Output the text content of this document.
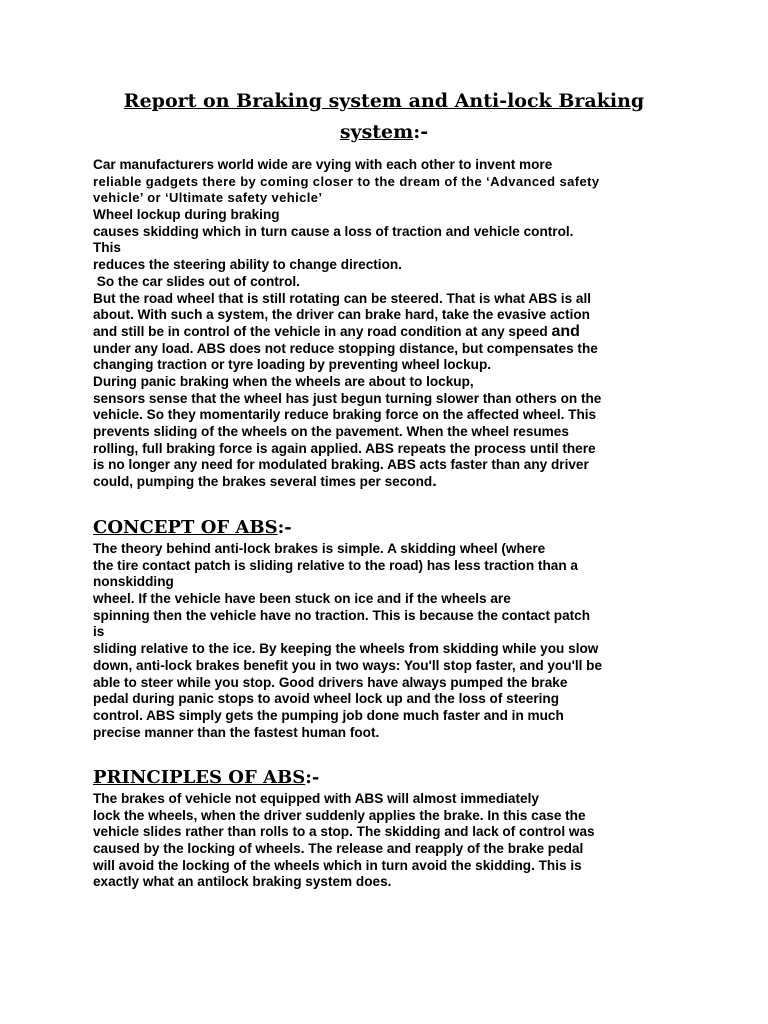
Report on Braking system and Anti-lock Braking
system:-
Car manufacturers world wide are vying with each other to invent more
reliable gadgets there by coming closer to the dream of the ‘Advanced safety
vehicle’ or ‘Ultimate safety vehicle’
Wheel lockup during braking
causes skidding which in turn cause a loss of traction and vehicle control.
This
reduces the steering ability to change direction.
So the car slides out of control.
But the road wheel that is still rotating can be steered. That is what ABS is all
about. With such a system, the driver can brake hard, take the evasive action
and still be in control of the vehicle in any road condition at any speed and
under any load. ABS does not reduce stopping distance, but compensates the
changing traction or tyre loading by preventing wheel lockup.
During panic braking when the wheels are about to lockup,
sensors sense that the wheel has just begun turning slower than others on the
vehicle. So they momentarily reduce braking force on the affected wheel. This
prevents sliding of the wheels on the pavement. When the wheel resumes
rolling, full braking force is again applied. ABS repeats the process until there
is no longer any need for modulated braking. ABS acts faster than any driver
could, pumping the brakes several times per second.
CONCEPT OF ABS:-
The theory behind anti-lock brakes is simple. A skidding wheel (where
the tire contact patch is sliding relative to the road) has less traction than a
nonskidding
wheel. If the vehicle have been stuck on ice and if the wheels are
spinning then the vehicle have no traction. This is because the contact patch
is
sliding relative to the ice. By keeping the wheels from skidding while you slow
down, anti-lock brakes benefit you in two ways: You'll stop faster, and you'll be
able to steer while you stop. Good drivers have always pumped the brake
pedal during panic stops to avoid wheel lock up and the loss of steering
control. ABS simply gets the pumping job done much faster and in much
precise manner than the fastest human foot.
PRINCIPLES OF ABS:-
The brakes of vehicle not equipped with ABS will almost immediately
lock the wheels, when the driver suddenly applies the brake. In this case the
vehicle slides rather than rolls to a stop. The skidding and lack of control was
caused by the locking of wheels. The release and reapply of the brake pedal
will avoid the locking of the wheels which in turn avoid the skidding. This is
exactly what an antilock braking system does.
